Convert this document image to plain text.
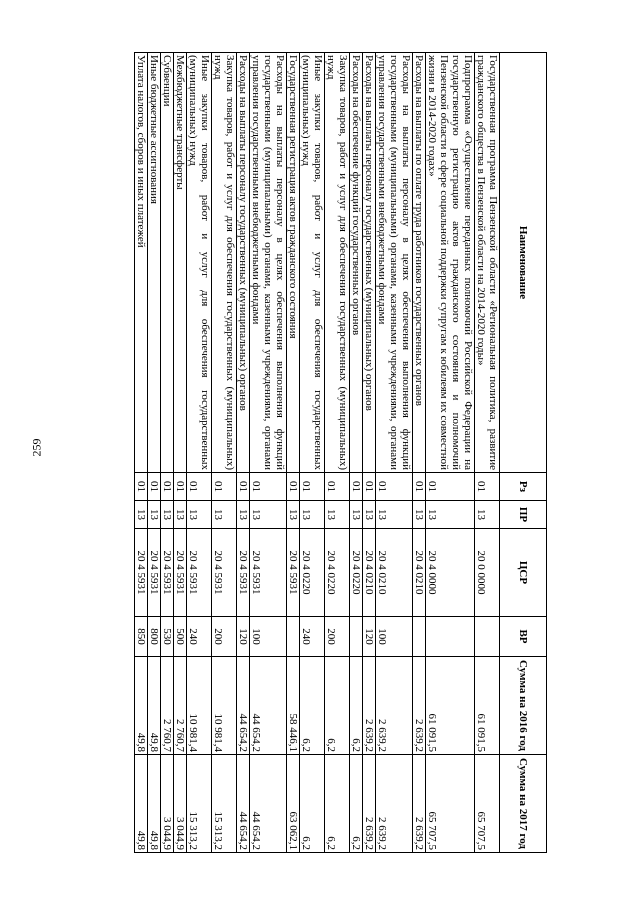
259
Наименование	Рз	ПР	ЦСР	ВР	Сумма на 2016 год	Сумма на 2017 год
Государственная программа Пензенской области «Региональная политика, развитие гражданского общества в Пензенской области на 2014-2020 годы»	01	13	20 0 0000		61 091,5	65 707,5
Подпрограмма «Осуществление переданных полномочий Российской Федерации на государственную регистрацию актов гражданского состояния и полномочий Пензенской области в сфере социальной поддержки супругам к юбилеям их совместной жизни в 2014-2020 годах»	01	13	20 4 0000		61 091,5	65 707,5
Расходы на выплаты по оплате труда работников государственных органов	01	13	20 4 0210		2 639,2	2 639,2
Расходы на выплаты персоналу в целях обеспечения выполнения функций государственными (муниципальными) органами, казенными учреждениями, органами управления государственными внебюджетными фондами	01	13	20 4 0210	100	2 639,2	2 639,2
Расходы на выплаты персоналу государственных (муниципальных) органов	01	13	20 4 0210	120	2 639,2	2 639,2
Расходы на обеспечение функций государственных органов	01	13	20 4 0220		6,2	6,2
Закупка товаров, работ и услуг для обеспечения государственных (муниципальных) нужд	01	13	20 4 0220	200	6,2	6,2
Иные закупки товаров, работ и услуг для обеспечения государственных (муниципальных) нужд	01	13	20 4 0220	240	6,2	6,2
Государственная регистрация актов гражданского состояния	01	13	20 4 5931		58 446,1	63 062,1
Расходы на выплаты персоналу в целях обеспечения выполнения функций государственными (муниципальными) органами, казенными учреждениями, органами управления государственными внебюджетными фондами	01	13	20 4 5931	100	44 654,2	44 654,2
Расходы на выплаты персоналу государственных (муниципальных) органов	01	13	20 4 5931	120	44 654,2	44 654,2
Закупка товаров, работ и услуг для обеспечения государственных (муниципальных) нужд	01	13	20 4 5931	200	10 981,4	15 313,2
Иные закупки товаров, работ и услуг для обеспечения государственных (муниципальных) нужд	01	13	20 4 5931	240	10 981,4	15 313,2
Межбюджетные трансферты	01	13	20 4 5931	500	2 760,7	3 044,9
Субвенции	01	13	20 4 5931	530	2 760,7	3 044,9
Иные бюджетные ассигнования	01	13	20 4 5931	800	49,8	49,8
Уплата налогов, сборов и иных платежей	01	13	20 4 5931	850	49,8	49,8
